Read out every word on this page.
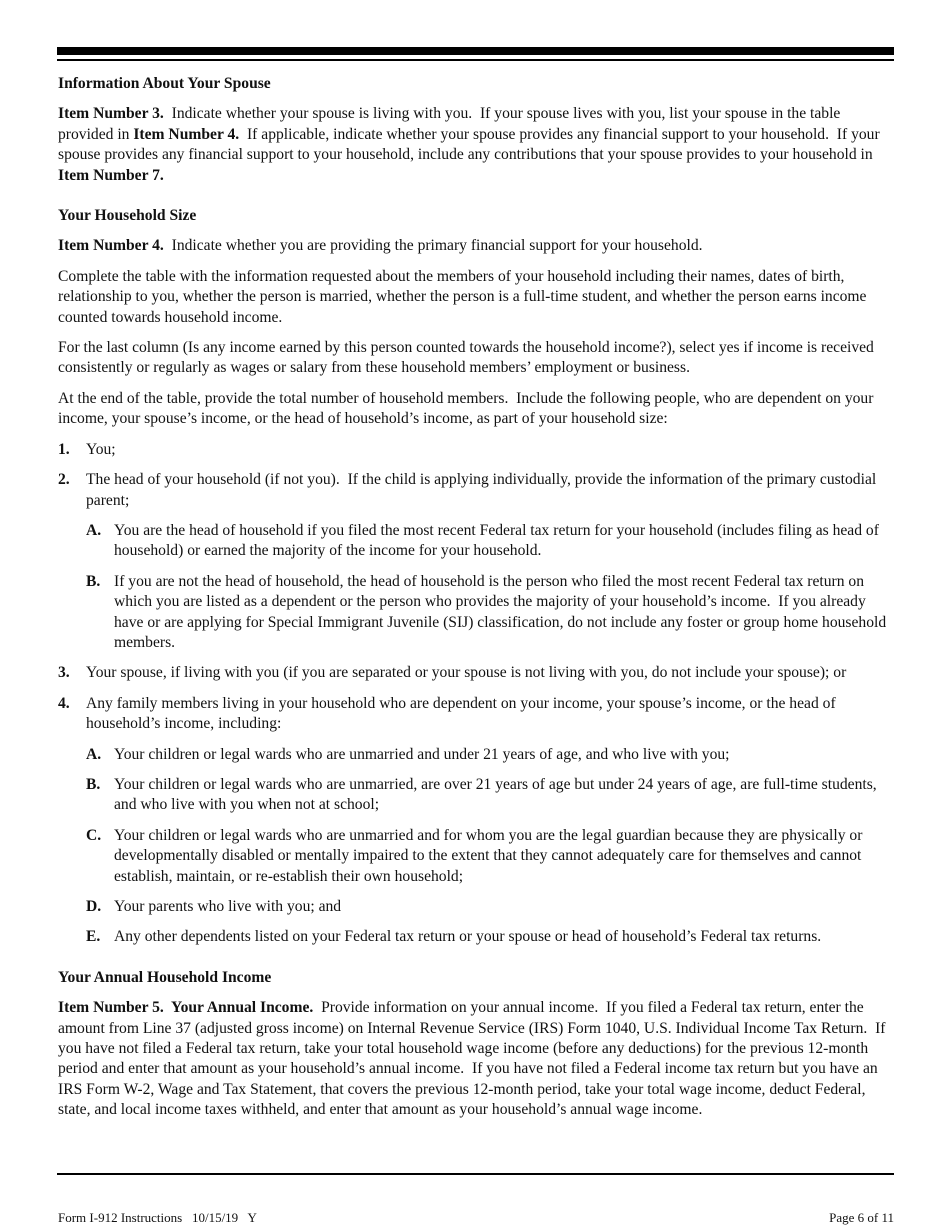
Information About Your Spouse

Item Number 3.  Indicate whether your spouse is living with you.  If your spouse lives with you, list your spouse in the table provided in Item Number 4.  If applicable, indicate whether your spouse provides any financial support to your household.  If your spouse provides any financial support to your household, include any contributions that your spouse provides to your household in Item Number 7.

Your Household Size

Item Number 4.  Indicate whether you are providing the primary financial support for your household.

Complete the table with the information requested about the members of your household including their names, dates of birth, relationship to you, whether the person is married, whether the person is a full-time student, and whether the person earns income counted towards household income.

For the last column (Is any income earned by this person counted towards the household income?), select yes if income is received consistently or regularly as wages or salary from these household members’ employment or business.

At the end of the table, provide the total number of household members.  Include the following people, who are dependent on your income, your spouse’s income, or the head of household’s income, as part of your household size:

1.	You;
2.	The head of your household (if not you).  If the child is applying individually, provide the information of the primary custodial parent;
A. You are the head of household if you filed the most recent Federal tax return for your household (includes filing as head of household) or earned the majority of the income for your household.
B. If you are not the head of household, the head of household is the person who filed the most recent Federal tax return on which you are listed as a dependent or the person who provides the majority of your household’s income.  If you already have or are applying for Special Immigrant Juvenile (SIJ) classification, do not include any foster or group home household members.
3.	Your spouse, if living with you (if you are separated or your spouse is not living with you, do not include your spouse); or
4.	Any family members living in your household who are dependent on your income, your spouse’s income, or the head of household’s income, including:
A. Your children or legal wards who are unmarried and under 21 years of age, and who live with you;
B. Your children or legal wards who are unmarried, are over 21 years of age but under 24 years of age, are full-time students, and who live with you when not at school;
C. Your children or legal wards who are unmarried and for whom you are the legal guardian because they are physically or developmentally disabled or mentally impaired to the extent that they cannot adequately care for themselves and cannot establish, maintain, or re-establish their own household;
D. Your parents who live with you; and
E. Any other dependents listed on your Federal tax return or your spouse or head of household’s Federal tax returns.
Your Annual Household Income

Item Number 5.  Your Annual Income.  Provide information on your annual income.  If you filed a Federal tax return, enter the amount from Line 37 (adjusted gross income) on Internal Revenue Service (IRS) Form 1040, U.S. Individual Income Tax Return.  If you have not filed a Federal tax return, take your total household wage income (before any deductions) for the previous 12-month period and enter that amount as your household’s annual income.  If you have not filed a Federal income tax return but you have an IRS Form W-2, Wage and Tax Statement, that covers the previous 12-month period, take your total wage income, deduct Federal, state, and local income taxes withheld, and enter that amount as your household’s annual wage income.

Form I-912 Instructions   10/15/19   Y	Page 6 of 11
